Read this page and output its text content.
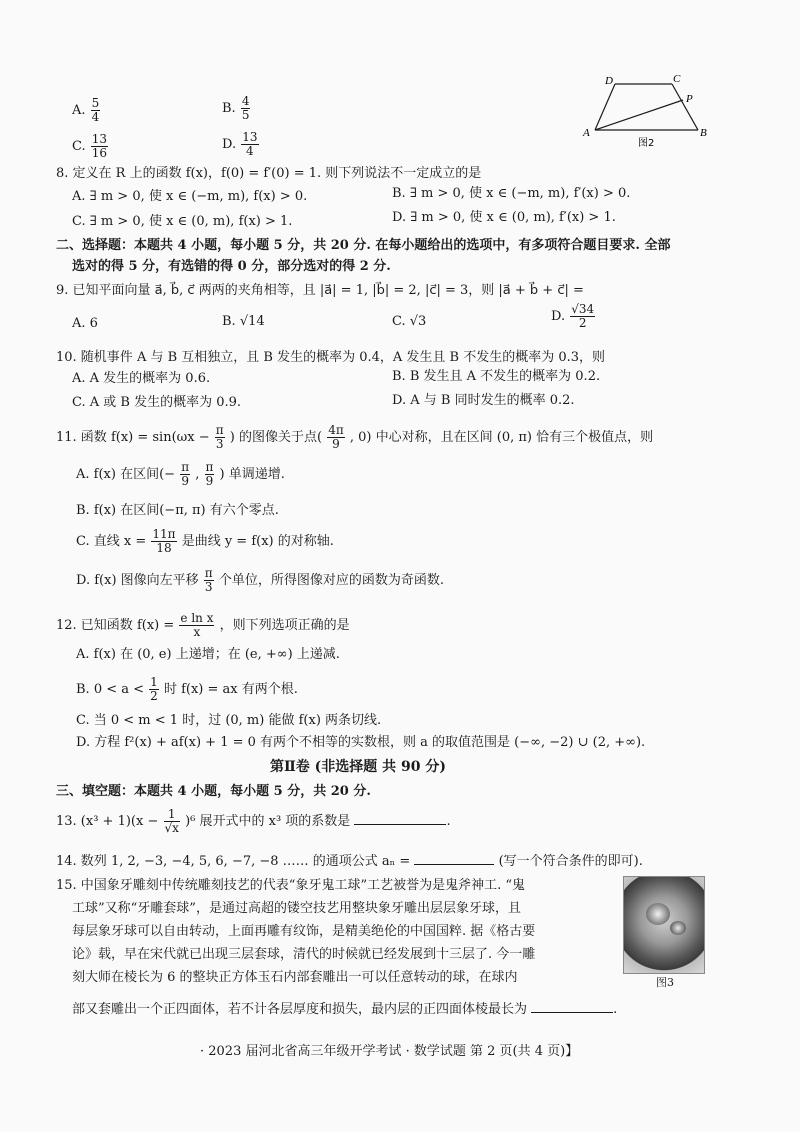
A. $\frac{5}{4}$	B. $\frac{4}{5}$
C. $\frac{13}{16}$	D. $\frac{13}{4}$
D	C
P
A	B
图2
8. 定义在 R 上的函数 f(x)，f(0) = f′(0) = 1. 则下列说法不一定成立的是
A. ∃ m > 0, 使 x ∈ (−m, m), f(x) > 0.	B. ∃ m > 0, 使 x ∈ (−m, m), f′(x) > 0.
C. ∃ m > 0, 使 x ∈ (0, m), f(x) > 1.	D. ∃ m > 0, 使 x ∈ (0, m), f′(x) > 1.
二、选择题：本题共 4 小题，每小题 5 分，共 20 分. 在每小题给出的选项中，有多项符合题目要求. 全部
选对的得 5 分，有选错的得 0 分，部分选对的得 2 分.
9. 已知平面向量 a⃗, b⃗, c⃗ 两两的夹角相等，且 |a⃗| = 1, |b⃗| = 2, |c⃗| = 3，则 |a⃗ + b⃗ + c⃗| =
A. 6	B. √14	C. √3	D. $\frac{√34}{2}$
10. 随机事件 A 与 B 互相独立，且 B 发生的概率为 0.4，A 发生且 B 不发生的概率为 0.3，则
A. A 发生的概率为 0.6.	B. B 发生且 A 不发生的概率为 0.2.
C. A 或 B 发生的概率为 0.9.	D. A 与 B 同时发生的概率 0.2.
11. 函数 $f(x) = \sin(\omega x - \frac{\pi}{3}$ ) 的图像关于点( $\frac{4\pi}{9}$ , 0) 中心对称，且在区间 (0, π) 恰有三个极值点，则
A. f(x) 在区间(− $\frac{\pi}{9}$ , $\frac{\pi}{9}$ ) 单调递增.
B. f(x) 在区间(−π, π) 有六个零点.
C. 直线 $x = \frac{11\pi}{18}$ 是曲线 y = f(x) 的对称轴.
D. f(x) 图像向左平移 $\frac{\pi}{3}$ 个单位，所得图像对应的函数为奇函数.
12. 已知函数 $f(x) = \frac{\text{e ln x}}{x}$ ，则下列选项正确的是
A. f(x) 在 (0, e) 上递增；在 (e, +∞) 上递减.
B. $0 < a < \frac{1}{2}$ 时 f(x) = ax 有两个根.
C. 当 0 < m < 1 时，过 (0, m) 能做 f(x) 两条切线.
D. 方程 f²(x) + af(x) + 1 = 0 有两个不相等的实数根，则 a 的取值范围是 (−∞, −2) ∪ (2, +∞).
第Ⅱ卷 (非选择题 共 90 分)
三、填空题：本题共 4 小题，每小题 5 分，共 20 分.
13. $(x^3 + 1)(x - \frac{1}{√x} )^6$ 展开式中的 x³ 项的系数是	.
14. 数列 1, 2, −3, −4, 5, 6, −7, −8 …… 的通项公式 aₙ =	(写一个符合条件的即可).
15. 中国象牙雕刻中传统雕刻技艺的代表“象牙鬼工球”工艺被誉为是鬼斧神工. “鬼
工球”又称“牙雕套球”，是通过高超的镂空技艺用整块象牙雕出层层象牙球，且
每层象牙球可以自由转动，上面再雕有纹饰，是精美绝伦的中国国粹. 据《格古要
论》载，早在宋代就已出现三层套球，清代的时候就已经发展到十三层了. 今一雕
刻大师在棱长为 6 的整块正方体玉石内部套雕出一可以任意转动的球，在球内
部又套雕出一个正四面体，若不计各层厚度和损失，最内层的正四面体棱最长为	.
图3
· 2023 届河北省高三年级开学考试 · 数学试题 第 2 页(共 4 页)】
